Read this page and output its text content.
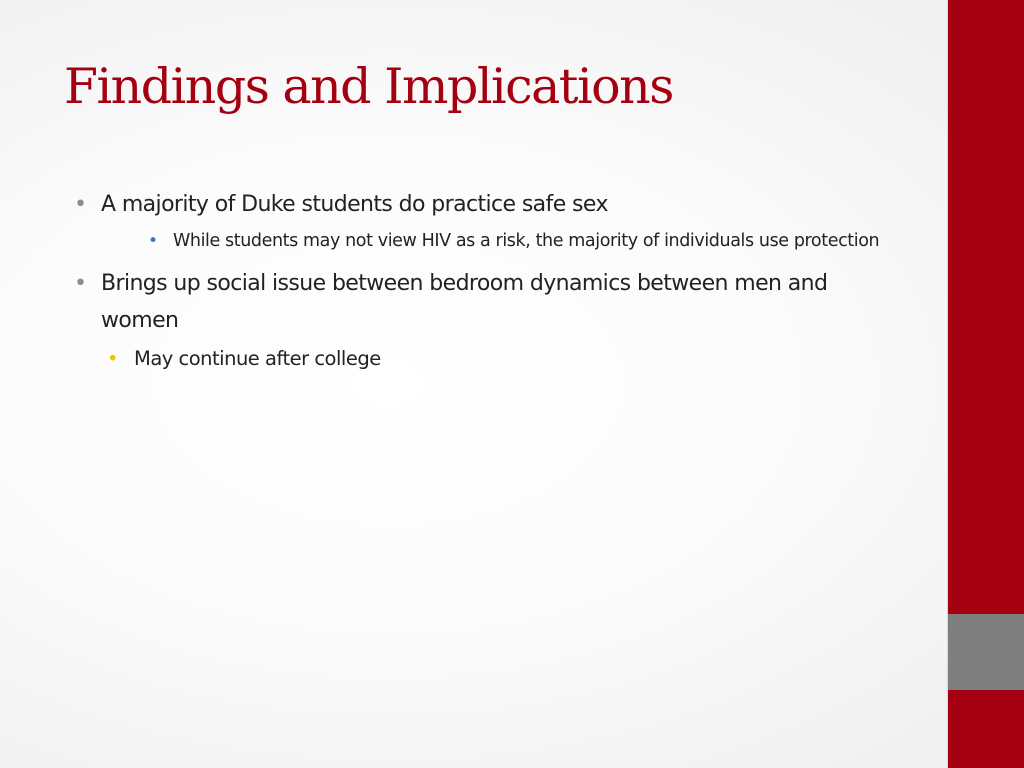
Findings and Implications
• A majority of Duke students do practice safe sex
• While students may not view HIV as a risk, the majority of individuals use protection
• Brings up social issue between bedroom dynamics between men and women
• May continue after college
